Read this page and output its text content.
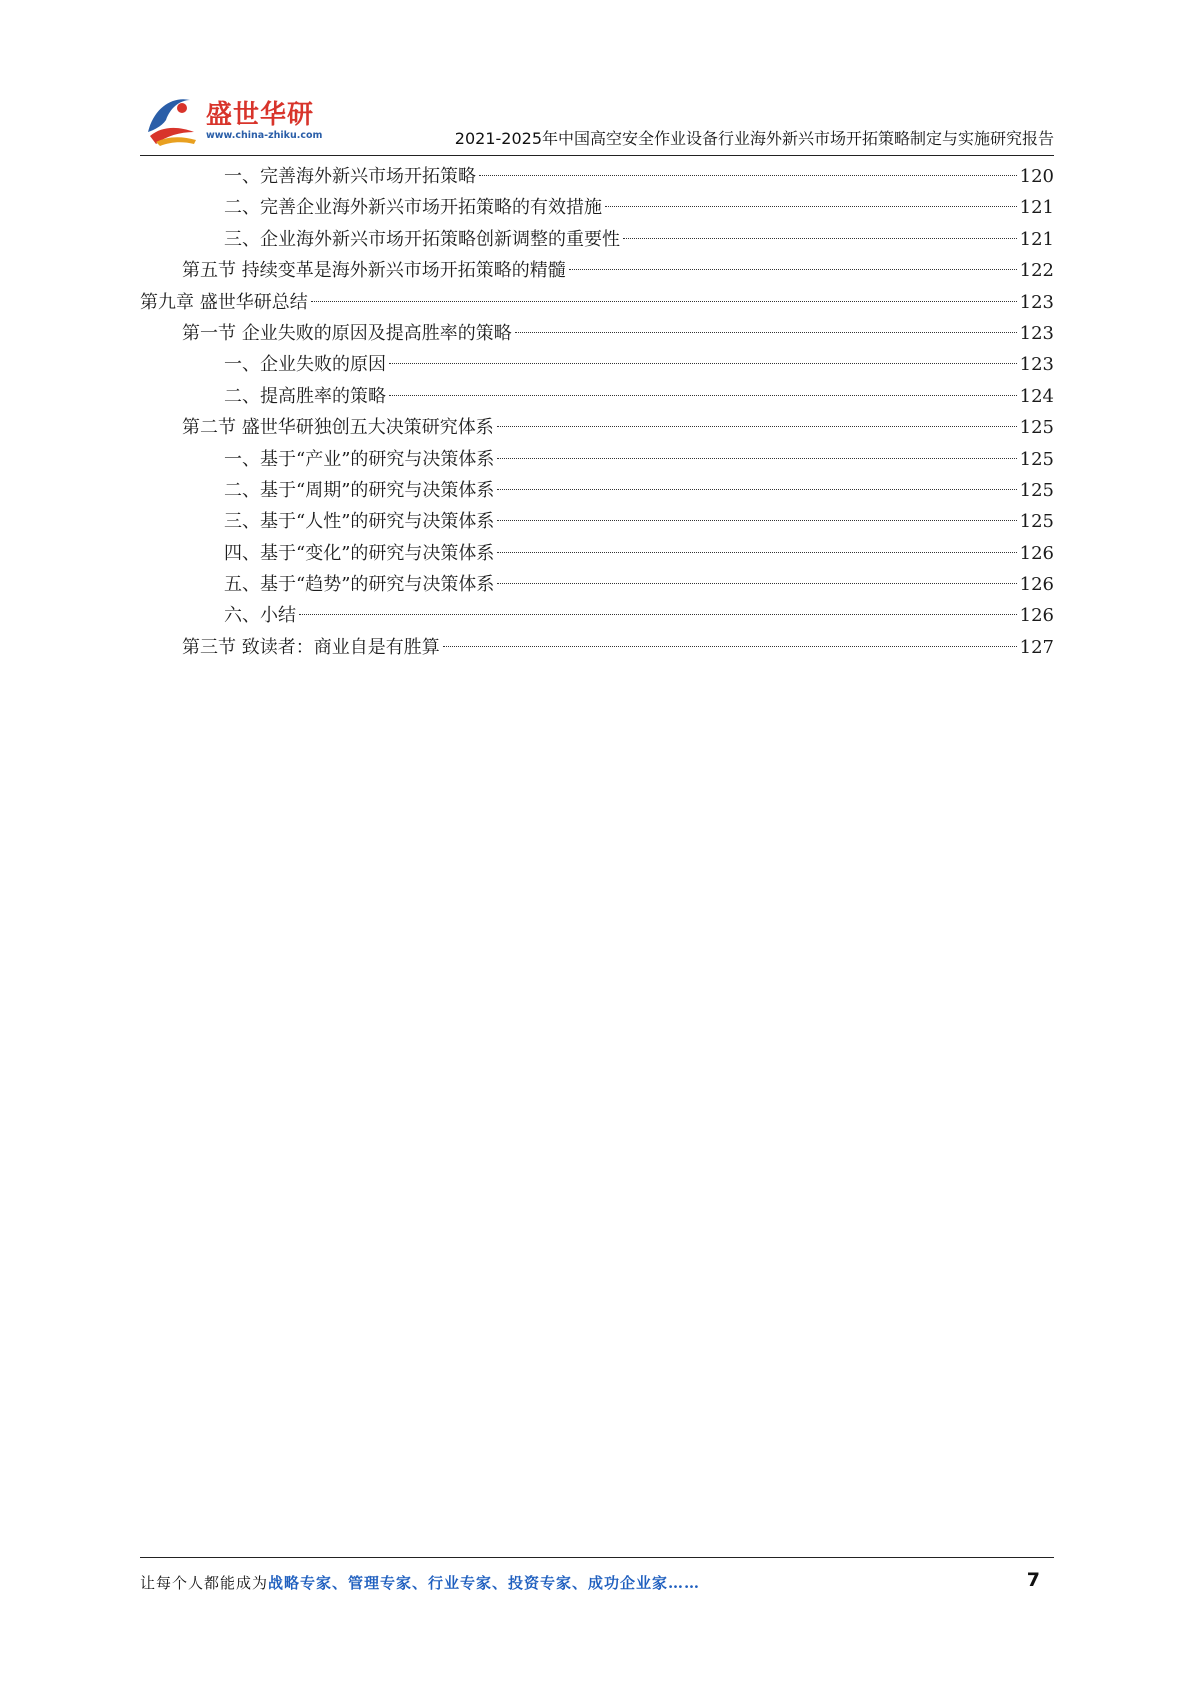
盛世华研
www.china-zhiku.com	2021-2025年中国高空安全作业设备行业海外新兴市场开拓策略制定与实施研究报告
一、完善海外新兴市场开拓策略	120
二、完善企业海外新兴市场开拓策略的有效措施	121
三、企业海外新兴市场开拓策略创新调整的重要性	121
第五节 持续变革是海外新兴市场开拓策略的精髓	122
第九章 盛世华研总结	123
第一节 企业失败的原因及提高胜率的策略	123
一、企业失败的原因	123
二、提高胜率的策略	124
第二节 盛世华研独创五大决策研究体系	125
一、基于“产业”的研究与决策体系	125
二、基于“周期”的研究与决策体系	125
三、基于“人性”的研究与决策体系	125
四、基于“变化”的研究与决策体系	126
五、基于“趋势”的研究与决策体系	126
六、小结	126
第三节 致读者：商业自是有胜算	127
让每个人都能成为战略专家、管理专家、行业专家、投资专家、成功企业家……	7
